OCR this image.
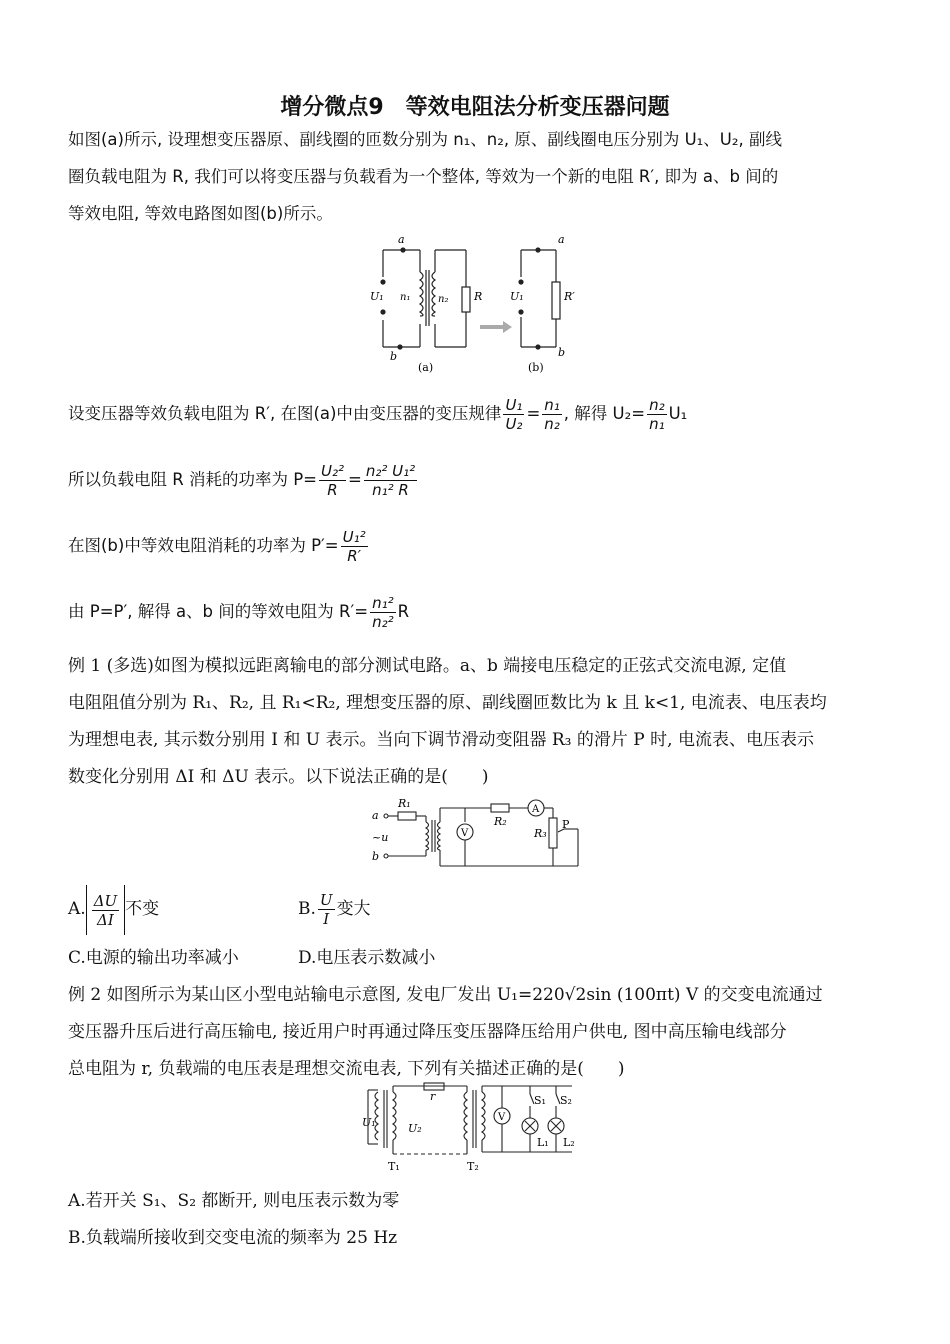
增分微点9　等效电阻法分析变压器问题
如图(a)所示, 设理想变压器原、副线圈的匝数分别为 n₁、n₂, 原、副线圈电压分别为 U₁、U₂, 副线
圈负载电阻为 R, 我们可以将变压器与负载看为一个整体, 等效为一个新的电阻 R′, 即为 a、b 间的
等效电阻, 等效电路图如图(b)所示。
a
b
U₁ n₁	n₂ R
(a)
a
b
U₁	R′
(b)
设变压器等效负载电阻为 R′, 在图(a)中由变压器的变压规律 $\frac{\text{U₁}}{\text{U₂}} = \frac{\text{n₁}}{\text{n₂}}$ , 解得 $U_2= \frac{\text{n₂}}{\text{n₁}} U_1$
所以负载电阻 R 消耗的功率为 $P= \frac{\text{U₂²}}{R} = \frac{\text{n₂² U₁²}}{\text{n₁² R}}$
在图(b)中等效电阻消耗的功率为 $P'= \frac{\text{U₁²}}{R'}$
由 P=P′, 解得 a、b 间的等效电阻为 $R'= \frac{\text{n₁²}}{\text{n₂²}}$ R
例 1 (多选)如图为模拟远距离输电的部分测试电路。a、b 端接电压稳定的正弦式交流电源, 定值
电阻阻值分别为 R₁、R₂, 且 R₁<R₂, 理想变压器的原、副线圈匝数比为 k 且 k<1, 电流表、电压表均
为理想电表, 其示数分别用 I 和 U 表示。当向下调节滑动变阻器 R₃ 的滑片 P 时, 电流表、电压表示
数变化分别用 ΔI 和 ΔU 表示。以下说法正确的是(　　)
V
A
a
b
~u
R₁
R₂
R₃
P
A. $\frac{\Delta U}{\Delta I}$ 不变	B. $\frac{U}{I}$ 变大
C.电源的输出功率减小	D.电压表示数减小
例 2 如图所示为某山区小型电站输电示意图, 发电厂发出 U₁=220√2sin (100πt) V 的交变电流通过
变压器升压后进行高压输电, 接近用户时再通过降压变压器降压给用户供电, 图中高压输电线部分
总电阻为 r, 负载端的电压表是理想交流电表, 下列有关描述正确的是(　　)
V
U₁	U₂
r
T₁	T₂
S₁ S₂
L₁ L₂
A.若开关 S₁、S₂ 都断开, 则电压表示数为零
B.负载端所接收到交变电流的频率为 25 Hz
